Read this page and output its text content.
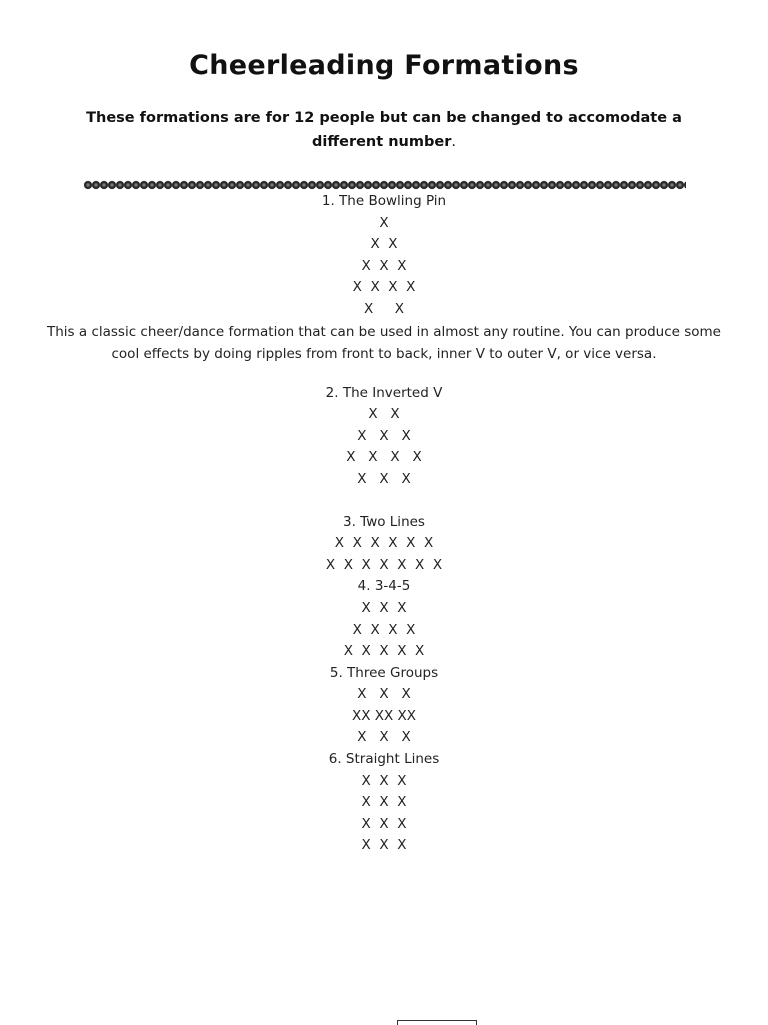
Cheerleading Formations
These formations are for 12 people but can be changed to accomodate a different number.
1. The Bowling Pin
X
X  X
X  X  X
X  X  X  X
X     X
This a classic cheer/dance formation that can be used in almost any routine. You can produce some cool effects by doing ripples from front to back, inner V to outer V, or vice versa.
2. The Inverted V
X   X
X   X   X
X   X   X   X
X   X   X
3. Two Lines
X  X  X  X  X  X
X  X  X  X  X  X  X
4. 3-4-5
X  X  X
X  X  X  X
X  X  X  X  X
5. Three Groups
X   X   X
XX XX XX
X   X   X
6. Straight Lines
X  X  X
X  X  X
X  X  X
X  X  X
